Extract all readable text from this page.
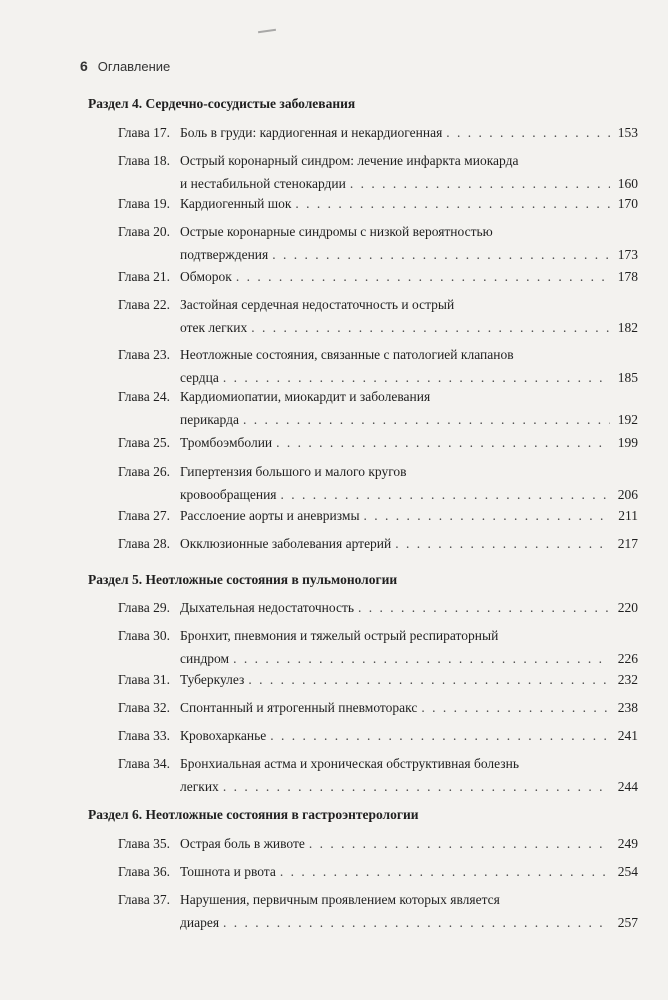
6 Оглавление
Раздел 4. Сердечно-сосудистые заболевания
Глава 17. Боль в груди: кардиогенная и некардиогенная . . .	153
Глава 18. Острый коронарный синдром: лечение инфаркта миокарда
и нестабильной стенокардии . . .	160
Глава 19. Кардиогенный шок . . .	170
Глава 20. Острые коронарные синдромы с низкой вероятностью
подтверждения . . .	173
Глава 21. Обморок . . .	178
Глава 22. Застойная сердечная недостаточность и острый
отек легких . . .	182
Глава 23. Неотложные состояния, связанные с патологией клапанов
сердца . . .	185
Глава 24. Кардиомиопатии, миокардит и заболевания
перикарда . . .	192
Глава 25. Тромбоэмболии . . .	199
Глава 26. Гипертензия большого и малого кругов
кровообращения . . .	206
Глава 27. Расслоение аорты и аневризмы . . .	211
Глава 28. Окклюзионные заболевания артерий . . .	217
Раздел 5. Неотложные состояния в пульмонологии
Глава 29. Дыхательная недостаточность . . .	220
Глава 30. Бронхит, пневмония и тяжелый острый респираторный
синдром . . .	226
Глава 31. Туберкулез . . .	232
Глава 32. Спонтанный и ятрогенный пневмоторакс . . .	238
Глава 33. Кровохарканье . . .	241
Глава 34. Бронхиальная астма и хроническая обструктивная болезнь
легких . . .	244
Раздел 6. Неотложные состояния в гастроэнтерологии
Глава 35. Острая боль в животе . . .	249
Глава 36. Тошнота и рвота . . .	254
Глава 37. Нарушения, первичным проявлением которых является
диарея . . .	257
